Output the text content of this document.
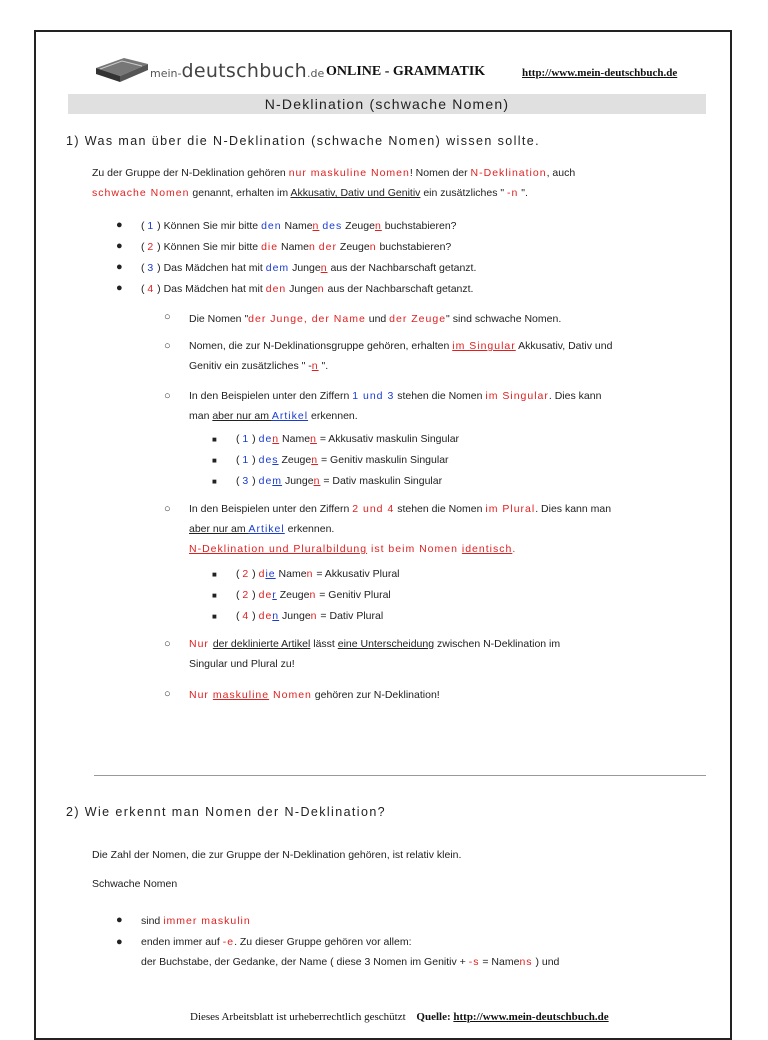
mein-deutschbuch.de ONLINE - GRAMMATIK	http://www.mein-deutschbuch.de
N-Deklination (schwache Nomen)
1) Was man über die N-Deklination (schwache Nomen) wissen sollte.
Zu der Gruppe der N-Deklination gehören nur maskuline Nomen! Nomen der N-Deklination, auch
schwache Nomen genannt, erhalten im Akkusativ, Dativ und Genitiv ein zusätzliches " -n ".
● ( 1 ) Können Sie mir bitte den Namen des Zeugen buchstabieren?
● ( 2 ) Können Sie mir bitte die Namen der Zeugen buchstabieren?
● ( 3 ) Das Mädchen hat mit dem Jungen aus der Nachbarschaft getanzt.
● ( 4 ) Das Mädchen hat mit den Jungen aus der Nachbarschaft getanzt.
○ Die Nomen "der Junge, der Name und der Zeuge" sind schwache Nomen.
○ Nomen, die zur N-Deklinationsgruppe gehören, erhalten im Singular Akkusativ, Dativ und
Genitiv ein zusätzliches " -n ".
○ In den Beispielen unter den Ziffern 1 und 3 stehen die Nomen im Singular. Dies kann
man aber nur am Artikel erkennen.
■ ( 1 ) den Namen = Akkusativ maskulin Singular
■ ( 1 ) des Zeugen = Genitiv maskulin Singular
■ ( 3 ) dem Jungen = Dativ maskulin Singular
○ In den Beispielen unter den Ziffern 2 und 4 stehen die Nomen im Plural. Dies kann man
aber nur am Artikel erkennen.
N-Deklination und Pluralbildung ist beim Nomen identisch.
■ ( 2 ) die Namen = Akkusativ Plural
■ ( 2 ) der Zeugen = Genitiv Plural
■ ( 4 ) den Jungen = Dativ Plural
○ Nur der deklinierte Artikel lässt eine Unterscheidung zwischen N-Deklination im
Singular und Plural zu!
○ Nur maskuline Nomen gehören zur N-Deklination!
2) Wie erkennt man Nomen der N-Deklination?
Die Zahl der Nomen, die zur Gruppe der N-Deklination gehören, ist relativ klein.
Schwache Nomen
● sind immer maskulin
● enden immer auf -e. Zu dieser Gruppe gehören vor allem:
der Buchstabe, der Gedanke, der Name ( diese 3 Nomen im Genitiv + -s = Namens ) und
Dieses Arbeitsblatt ist urheberrechtlich geschützt Quelle: http://www.mein-deutschbuch.de
